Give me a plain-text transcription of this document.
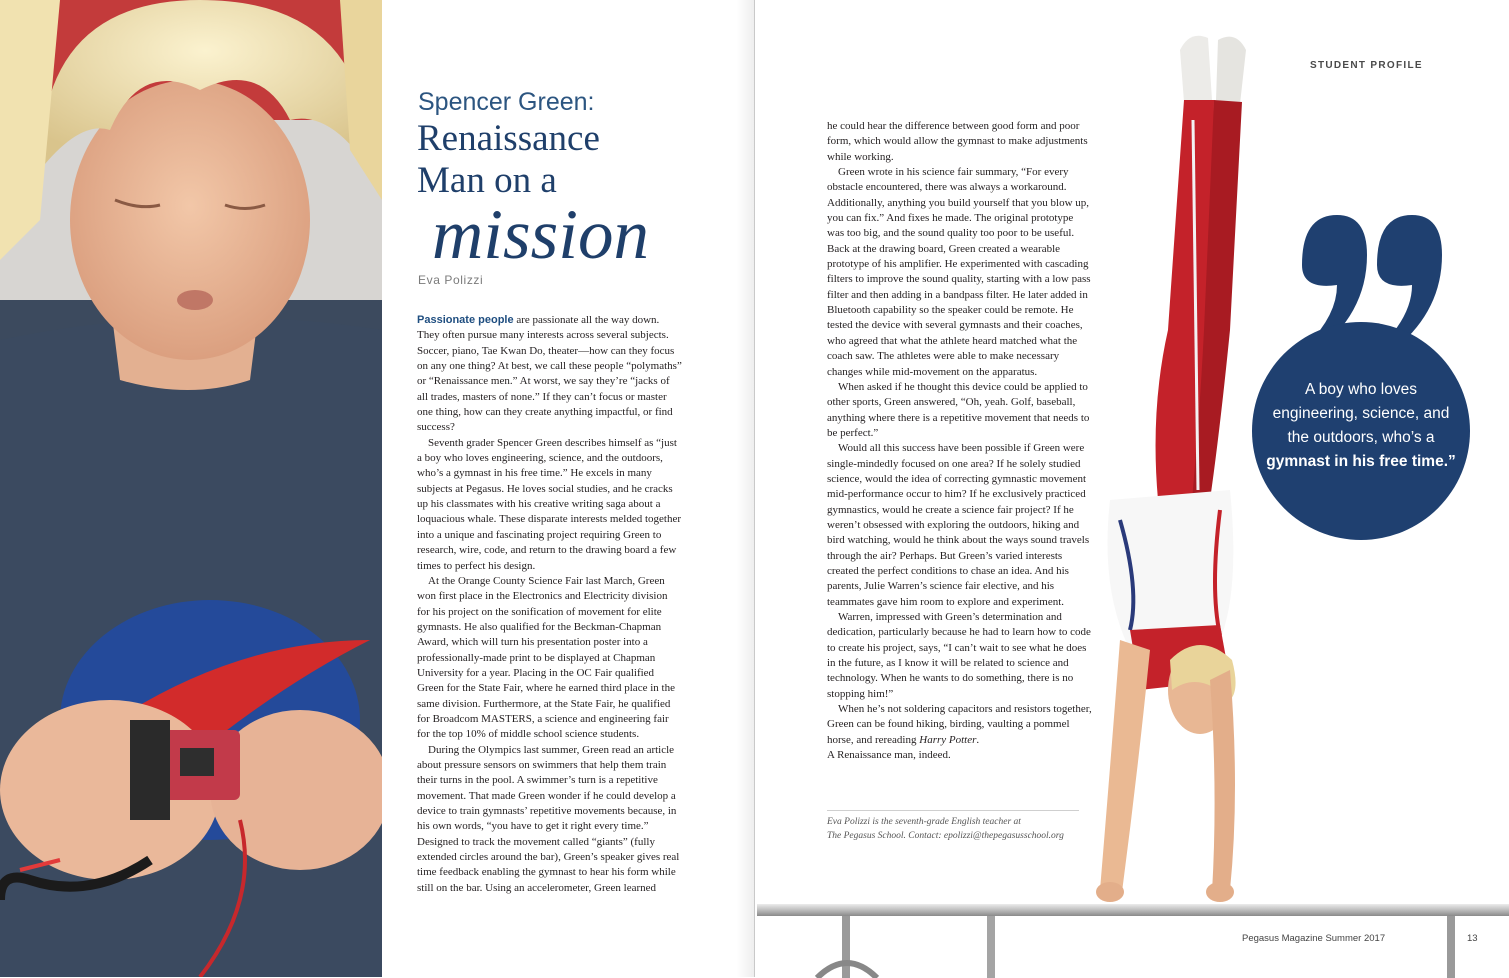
Spencer Green:
Renaissance
Man on a
mission
Eva Polizzi

Passionate people are passionate all the way down. They often pursue many interests across several subjects. Soccer, piano, Tae Kwan Do, theater—how can they focus on any one thing? At best, we call these people “polymaths” or “Renaissance men.” At worst, we say they’re “jacks of all trades, masters of none.” If they can’t focus or master one thing, how can they create anything impactful, or find success?

Seventh grader Spencer Green describes himself as “just a boy who loves engineering, science, and the outdoors, who’s a gymnast in his free time.” He excels in many subjects at Pegasus. He loves social studies, and he cracks up his classmates with his creative writing saga about a loquacious whale. These disparate interests melded together into a unique and fascinating project requiring Green to research, wire, code, and return to the drawing board a few times to perfect his design.

At the Orange County Science Fair last March, Green won first place in the Electronics and Electricity division for his project on the sonification of movement for elite gymnasts. He also qualified for the Beckman-Chapman Award, which will turn his presentation poster into a professionally-made print to be displayed at Chapman University for a year. Placing in the OC Fair qualified Green for the State Fair, where he earned third place in the same division. Furthermore, at the State Fair, he qualified for Broadcom MASTERS, a science and engineering fair for the top 10% of middle school science students.

During the Olympics last summer, Green read an article about pressure sensors on swimmers that help them train their turns in the pool. A swimmer’s turn is a repetitive movement. That made Green wonder if he could develop a device to train gymnasts’ repetitive movements because, in his own words, “you have to get it right every time.” Designed to track the movement called “giants” (fully extended circles around the bar), Green’s speaker gives real time feedback enabling the gymnast to hear his form while still on the bar. Using an accelerometer, Green learned

he could hear the difference between good form and poor form, which would allow the gymnast to make adjustments while working.

Green wrote in his science fair summary, “For every obstacle encountered, there was always a workaround. Additionally, anything you build yourself that you blow up, you can fix.” And fixes he made. The original prototype was too big, and the sound quality too poor to be useful. Back at the drawing board, Green created a wearable prototype of his amplifier. He experimented with cascading filters to improve the sound quality, starting with a low pass filter and then adding in a bandpass filter. He later added in Bluetooth capability so the speaker could be remote. He tested the device with several gymnasts and their coaches, who agreed that what the athlete heard matched what the coach saw. The athletes were able to make necessary changes while mid-movement on the apparatus.

When asked if he thought this device could be applied to other sports, Green answered, “Oh, yeah. Golf, baseball, anything where there is a repetitive movement that needs to be perfect.”

Would all this success have been possible if Green were single-mindedly focused on one area? If he solely studied science, would the idea of correcting gymnastic movement mid-performance occur to him? If he exclusively practiced gymnastics, would he create a science fair project? If he weren’t obsessed with exploring the outdoors, hiking and bird watching, would he think about the ways sound travels through the air? Perhaps. But Green’s varied interests created the perfect conditions to chase an idea. And his parents, Julie Warren’s science fair elective, and his teammates gave him room to explore and experiment.

Warren, impressed with Green’s determination and dedication, particularly because he had to learn how to code to create his project, says, “I can’t wait to see what he does in the future, as I know it will be related to science and technology. When he wants to do something, there is no stopping him!”

When he’s not soldering capacitors and resistors together, Green can be found hiking, birding, vaulting a pommel horse, and rereading Harry Potter.

A Renaissance man, indeed.

Eva Polizzi is the seventh-grade English teacher at
The Pegasus School. Contact: epolizzi@thepegasusschool.org
STUDENT PROFILE
A boy who loves engineering, science, and the outdoors, who’s a gymnast in his free time.”
Pegasus Magazine Summer 2017	13
